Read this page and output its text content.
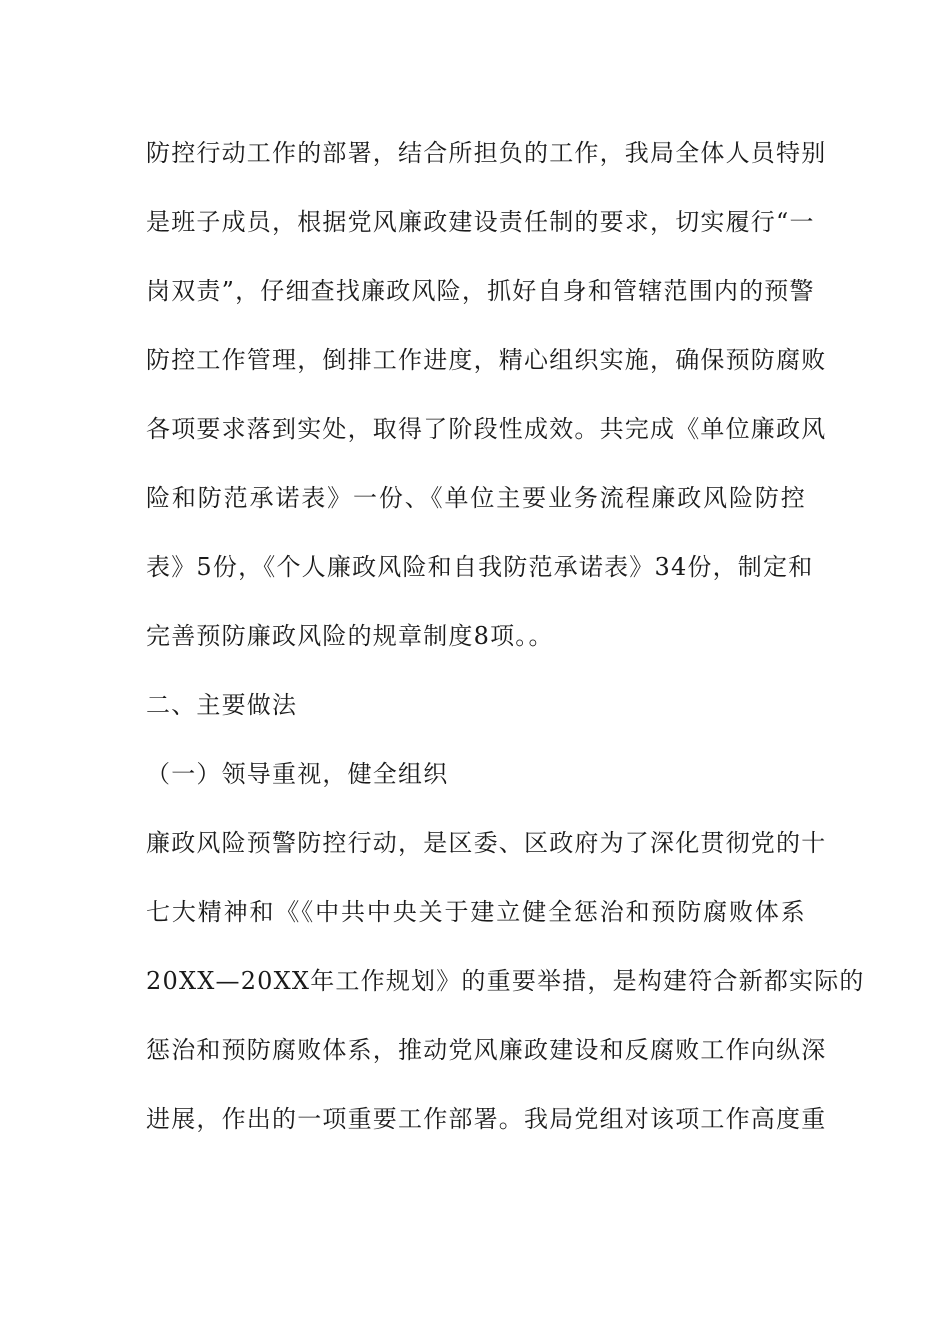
防控行动工作的部署，结合所担负的工作，我局全体人员特别
是班子成员，根据党风廉政建设责任制的要求，切实履行“一
岗双责”，仔细查找廉政风险，抓好自身和管辖范围内的预警
防控工作管理，倒排工作进度，精心组织实施，确保预防腐败
各项要求落到实处，取得了阶段性成效。共完成《单位廉政风
险和防范承诺表》一份、《单位主要业务流程廉政风险防控
表》5份，《个人廉政风险和自我防范承诺表》34份，制定和
完善预防廉政风险的规章制度8项。。
二、主要做法
（一）领导重视，健全组织
廉政风险预警防控行动，是区委、区政府为了深化贯彻党的十
七大精神和《《中共中央关于建立健全惩治和预防腐败体系
20XX—20XX年工作规划》的重要举措，是构建符合新都实际的
惩治和预防腐败体系，推动党风廉政建设和反腐败工作向纵深
进展，作出的一项重要工作部署。我局党组对该项工作高度重
